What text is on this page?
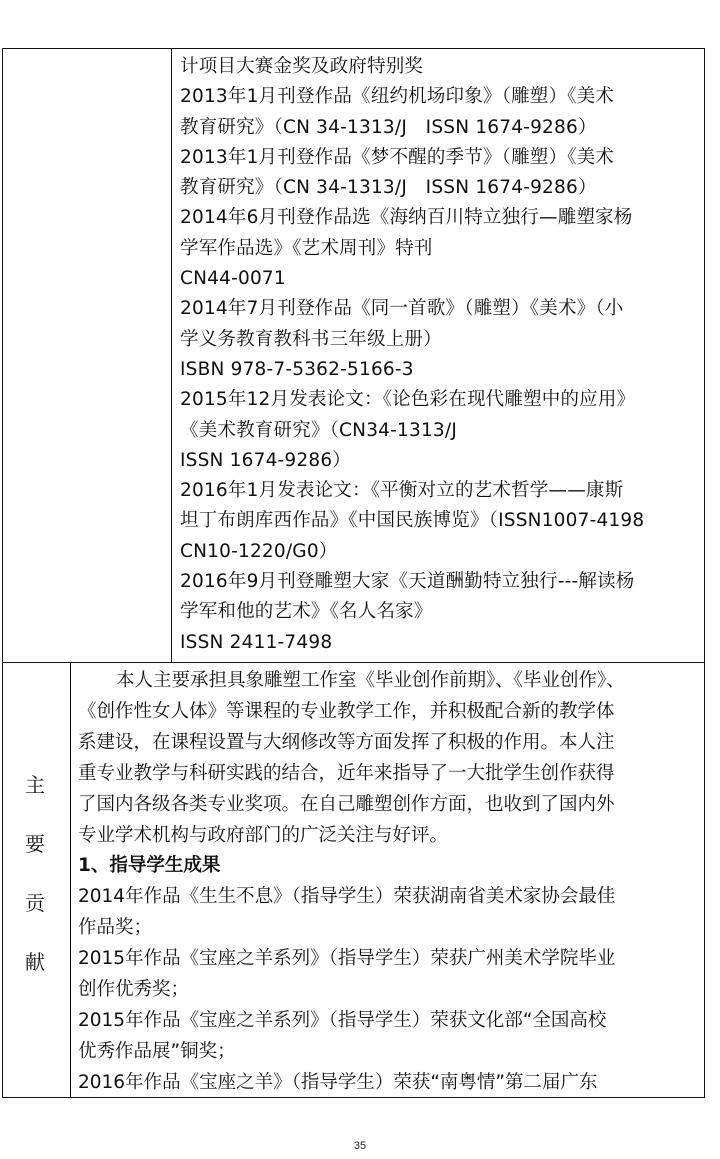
计项目大赛金奖及政府特别奖
2013年1月刊登作品《纽约机场印象》（雕塑）《美术
教育研究》（CN 34-1313/J　ISSN 1674-9286）
2013年1月刊登作品《梦不醒的季节》（雕塑）《美术
教育研究》（CN 34-1313/J　ISSN 1674-9286）
2014年6月刊登作品选《海纳百川特立独行—雕塑家杨
学军作品选》《艺术周刊》特刊
CN44-0071
2014年7月刊登作品《同一首歌》（雕塑）《美术》（小
学义务教育教科书三年级上册）
ISBN 978-7-5362-5166-3
2015年12月发表论文：《论色彩在现代雕塑中的应用》
《美术教育研究》（CN34-1313/J
ISSN 1674-9286）
2016年1月发表论文：《平衡对立的艺术哲学——康斯
坦丁布朗库西作品》《中国民族博览》（ISSN1007-4198
CN10-1220/G0）
2016年9月刊登雕塑大家《天道酬勤特立独行---解读杨
学军和他的艺术》《名人名家》
ISSN 2411-7498
主
要
贡
献
本人主要承担具象雕塑工作室《毕业创作前期》、《毕业创作》、
《创作性女人体》等课程的专业教学工作，并积极配合新的教学体
系建设，在课程设置与大纲修改等方面发挥了积极的作用。本人注
重专业教学与科研实践的结合，近年来指导了一大批学生创作获得
了国内各级各类专业奖项。在自己雕塑创作方面，也收到了国内外
专业学术机构与政府部门的广泛关注与好评。
1、指导学生成果
2014年作品《生生不息》（指导学生）荣获湖南省美术家协会最佳
作品奖；
2015年作品《宝座之羊系列》（指导学生）荣获广州美术学院毕业
创作优秀奖；
2015年作品《宝座之羊系列》（指导学生）荣获文化部“全国高校
优秀作品展”铜奖；
2016年作品《宝座之羊》（指导学生）荣获“南粤情”第二届广东
35
